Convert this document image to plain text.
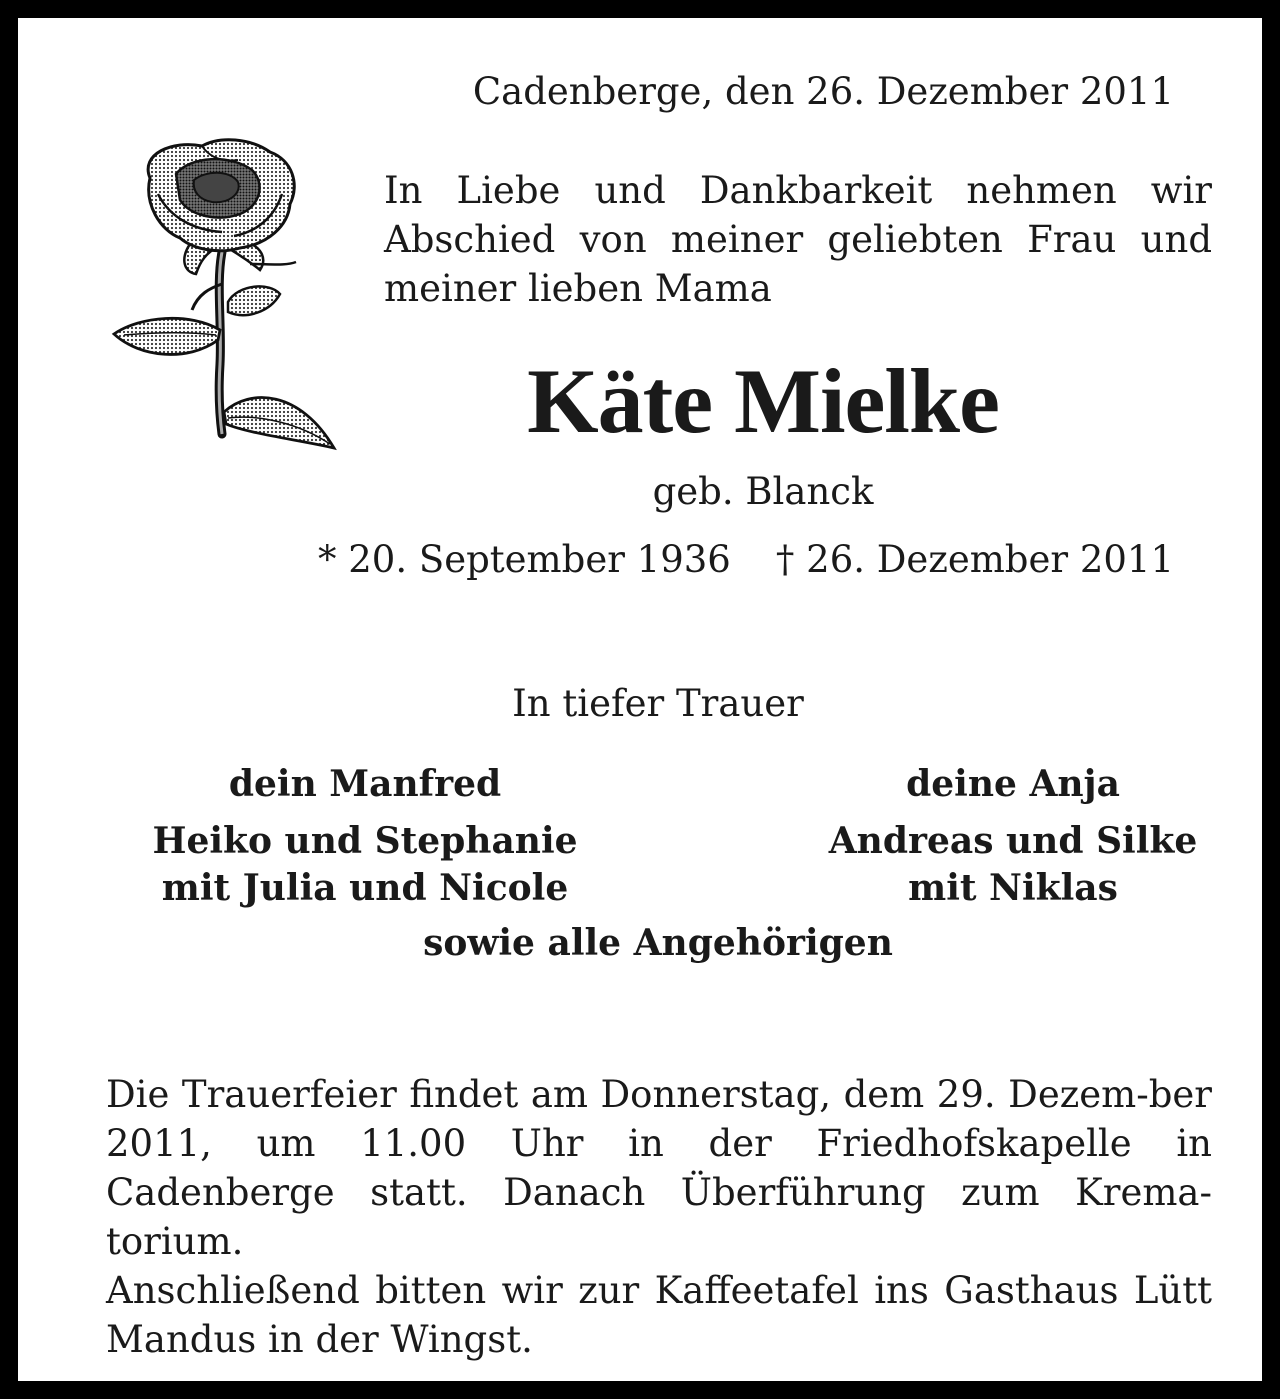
Cadenberge, den 26. Dezember 2011
In Liebe und Dankbarkeit nehmen wir Abschied von meiner geliebten Frau und meiner lieben Mama
Käte Mielke
geb. Blanck
* 20. September 1936 † 26. Dezember 2011
In tiefer Trauer
dein Manfred
Heiko und Stephanie
mit Julia und Nicole
deine Anja
Andreas und Silke
mit Niklas
sowie alle Angehörigen

Die Trauerfeier findet am Donnerstag, dem 29. Dezem-ber 2011, um 11.00 Uhr in der Friedhofskapelle in Cadenberge statt. Danach Überführung zum Krema-torium.

Anschließend bitten wir zur Kaffeetafel ins Gasthaus Lütt Mandus in der Wingst.
